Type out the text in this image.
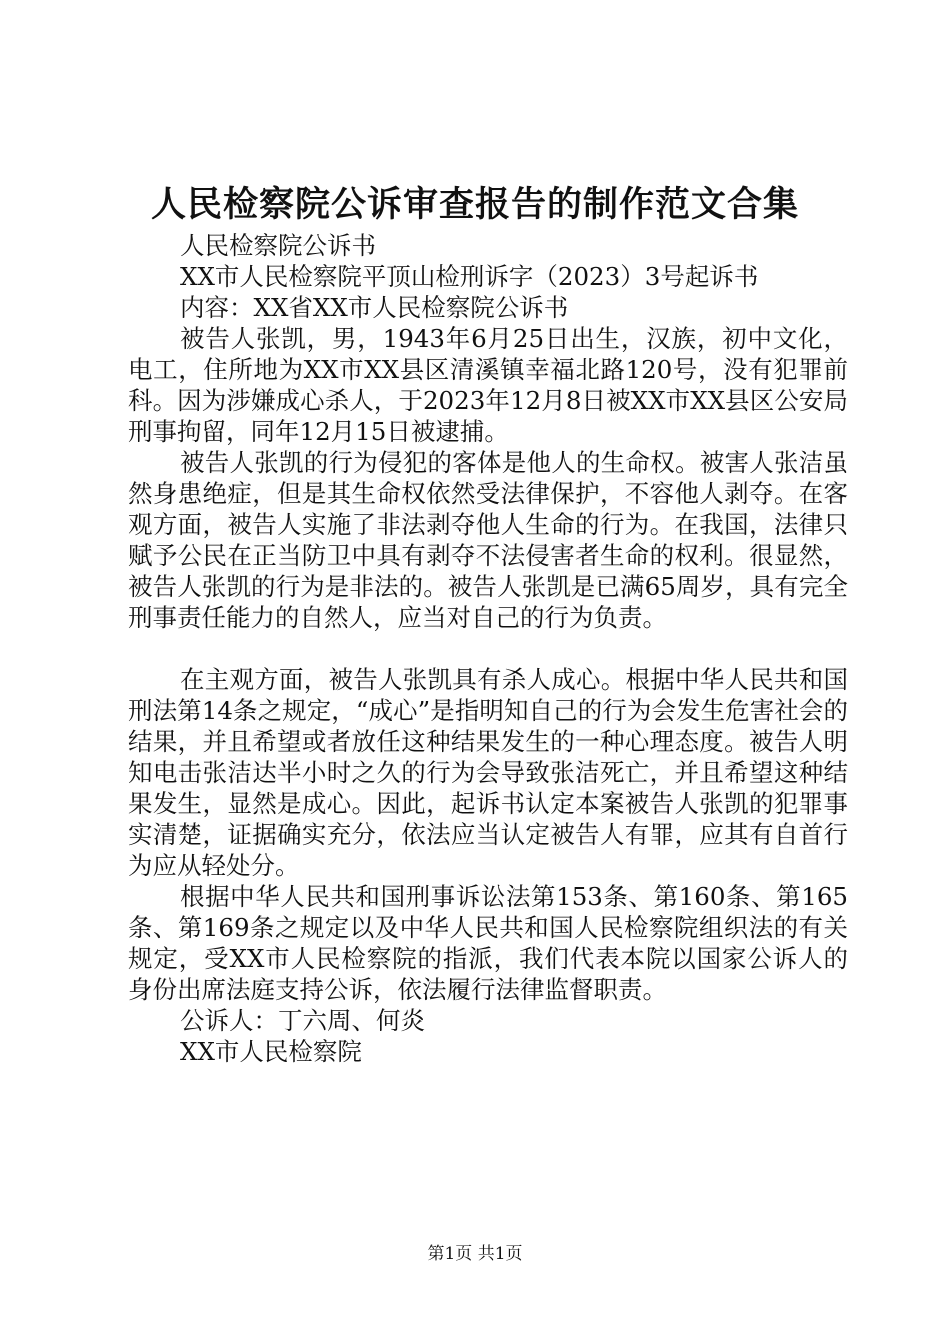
人民检察院公诉审查报告的制作范文合集

人民检察院公诉书

XX市人民检察院平顶山检刑诉字（2023）3号起诉书

内容：XX省XX市人民检察院公诉书

被告人张凯，男，1943年6月25日出生，汉族，初中文化，电工，住所地为XX市XX县区清溪镇幸福北路120号，没有犯罪前科。因为涉嫌成心杀人，于2023年12月8日被XX市XX县区公安局刑事拘留，同年12月15日被逮捕。

被告人张凯的行为侵犯的客体是他人的生命权。被害人张洁虽然身患绝症，但是其生命权依然受法律保护，不容他人剥夺。在客观方面，被告人实施了非法剥夺他人生命的行为。在我国，法律只赋予公民在正当防卫中具有剥夺不法侵害者生命的权利。很显然，被告人张凯的行为是非法的。被告人张凯是已满65周岁，具有完全刑事责任能力的自然人，应当对自己的行为负责。

在主观方面，被告人张凯具有杀人成心。根据中华人民共和国刑法第14条之规定，“成心”是指明知自己的行为会发生危害社会的结果，并且希望或者放任这种结果发生的一种心理态度。被告人明知电击张洁达半小时之久的行为会导致张洁死亡，并且希望这种结果发生，显然是成心。因此，起诉书认定本案被告人张凯的犯罪事实清楚，证据确实充分，依法应当认定被告人有罪，应其有自首行为应从轻处分。

根据中华人民共和国刑事诉讼法第153条、第160条、第165条、第169条之规定以及中华人民共和国人民检察院组织法的有关规定，受XX市人民检察院的指派，我们代表本院以国家公诉人的身份出席法庭支持公诉，依法履行法律监督职责。

公诉人：丁六周、何炎

XX市人民检察院

第1页 共1页
